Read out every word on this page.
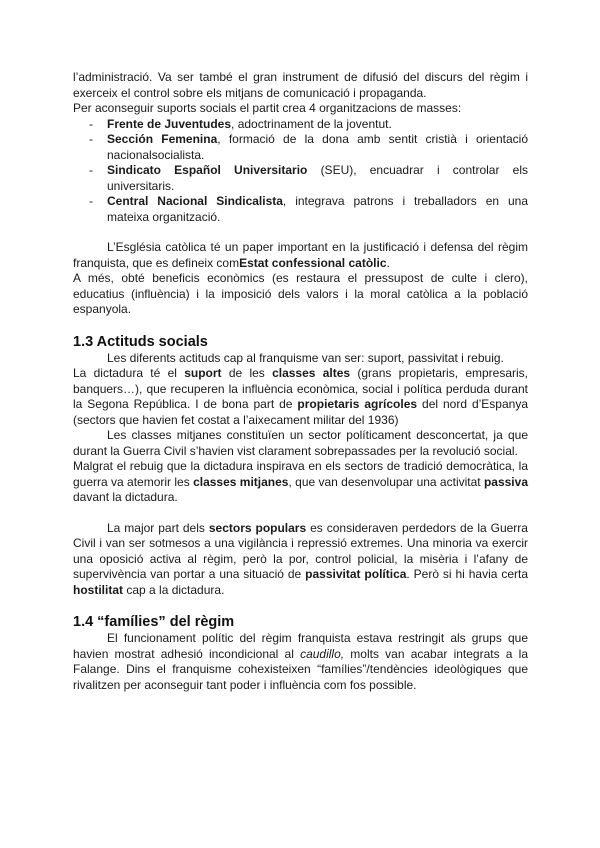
l’administració. Va ser també el gran instrument de difusió del discurs del règim i exerceix el control sobre els mitjans de comunicació i propaganda.

Per aconseguir suports socials el partit crea 4 organitzacions de masses:

- Frente de Juventudes, adoctrinament de la joventut.
- Sección Femenina, formació de la dona amb sentit cristià i orientació nacionalsocialista.
- Sindicato Español Universitario (SEU), encuadrar i controlar els universitaris.
- Central Nacional Sindicalista, integrava patrons i treballadors en una mateixa organització.

L’Església catòlica té un paper important en la justificació i defensa del règim franquista, que es defineix comEstat confessional catòlic.

A més, obté beneficis econòmics (es restaura el pressupost de culte i clero), educatius (influència) i la imposició dels valors i la moral catòlica a la població espanyola.

1.3 Actituds socials

Les diferents actituds cap al franquisme van ser: suport, passivitat i rebuig.

La dictadura té el suport de les classes altes (grans propietaris, empresaris, banquers…), que recuperen la influència econòmica, social i política perduda durant la Segona República. I de bona part de propietaris agrícoles del nord d’Espanya (sectors que havien fet costat a l’aixecament militar del 1936)

Les classes mitjanes constituïen un sector políticament desconcertat, ja que durant la Guerra Civil s’havien vist clarament sobrepassades per la revolució social.

Malgrat el rebuig que la dictadura inspirava en els sectors de tradició democràtica, la guerra va atemorir les classes mitjanes, que van desenvolupar una activitat passiva davant la dictadura.

La major part dels sectors populars es consideraven perdedors de la Guerra Civil i van ser sotmesos a una vigilància i repressió extremes. Una minoria va exercir una oposició activa al règim, però la por, control policial, la misèria i l’afany de supervivència van portar a una situació de passivitat política. Però si hi havia certa hostilitat cap a la dictadura.

1.4 “famílies” del règim

El funcionament polític del règim franquista estava restringit als grups que havien mostrat adhesió incondicional al caudillo, molts van acabar integrats a la Falange. Dins el franquisme cohexisteixen “famílies”/tendències ideològiques que rivalitzen per aconseguir tant poder i influència com fos possible.
